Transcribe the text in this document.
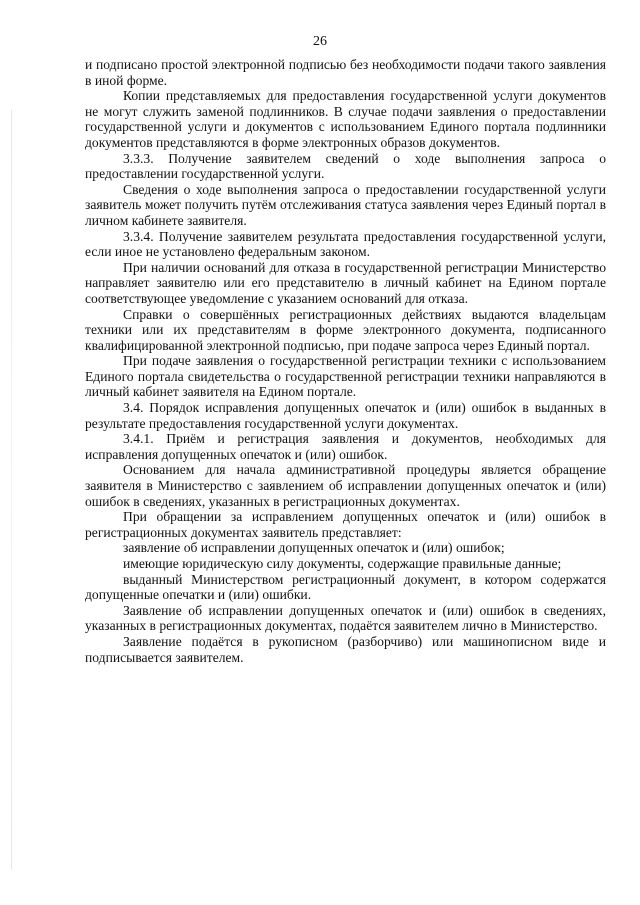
26

и подписано простой электронной подписью без необходимости подачи такого заявления в иной форме.

Копии представляемых для предоставления государственной услуги документов не могут служить заменой подлинников. В случае подачи заявления о предоставлении государственной услуги и документов с использованием Единого портала подлинники документов представляются в форме электронных образов документов.

3.3.3. Получение заявителем сведений о ходе выполнения запроса о предоставлении государственной услуги.

Сведения о ходе выполнения запроса о предоставлении государственной услуги заявитель может получить путём отслеживания статуса заявления через Единый портал в личном кабинете заявителя.

3.3.4. Получение заявителем результата предоставления государственной услуги, если иное не установлено федеральным законом.

При наличии оснований для отказа в государственной регистрации Министерство направляет заявителю или его представителю в личный кабинет на Едином портале соответствующее уведомление с указанием оснований для отказа.

Справки о совершённых регистрационных действиях выдаются владельцам техники или их представителям в форме электронного документа, подписанного квалифицированной электронной подписью, при подаче запроса через Единый портал.

При подаче заявления о государственной регистрации техники с использованием Единого портала свидетельства о государственной регистрации техники направляются в личный кабинет заявителя на Едином портале.

3.4. Порядок исправления допущенных опечаток и (или) ошибок в выданных в результате предоставления государственной услуги документах.

3.4.1. Приём и регистрация заявления и документов, необходимых для исправления допущенных опечаток и (или) ошибок.

Основанием для начала административной процедуры является обращение заявителя в Министерство с заявлением об исправлении допущенных опечаток и (или) ошибок в сведениях, указанных в регистрационных документах.

При обращении за исправлением допущенных опечаток и (или) ошибок в регистрационных документах заявитель представляет:

заявление об исправлении допущенных опечаток и (или) ошибок;

имеющие юридическую силу документы, содержащие правильные данные;

выданный Министерством регистрационный документ, в котором содержатся допущенные опечатки и (или) ошибки.

Заявление об исправлении допущенных опечаток и (или) ошибок в сведениях, указанных в регистрационных документах, подаётся заявителем лично в Министерство.

Заявление подаётся в рукописном (разборчиво) или машинописном виде и подписывается заявителем.
